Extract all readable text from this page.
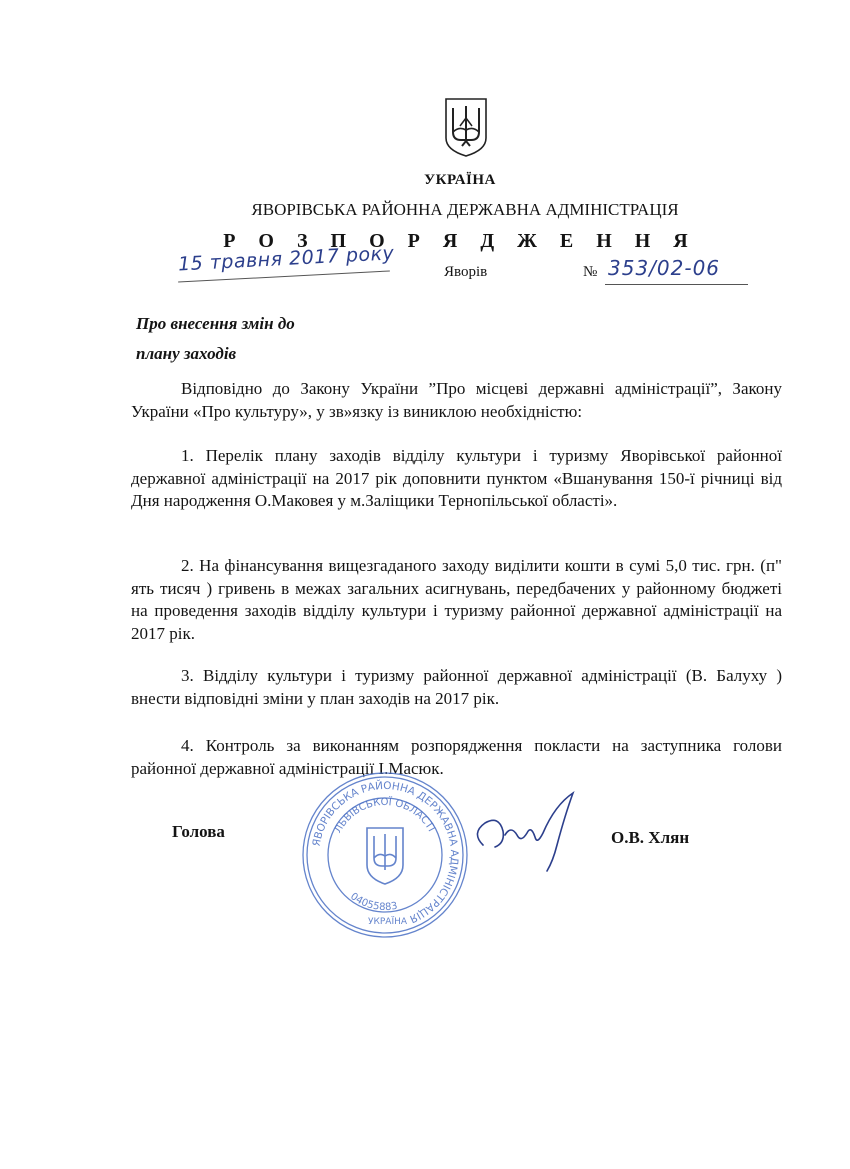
УКРАЇНА
ЯВОРІВСЬКА РАЙОННА ДЕРЖАВНА АДМІНІСТРАЦІЯ
Р О З П О Р Я Д Ж Е Н Н Я
15 травня 2017 року	Яворів	№ 353/02-06
Про внесення змін до
плану заходів

Відповідно до Закону України ”Про місцеві державні адміністрації”, Закону України «Про культуру», у зв»язку із виниклою необхідністю:

1. Перелік плану заходів відділу культури і туризму Яворівської районної державної адміністрації на 2017 рік доповнити пунктом «Вшанування 150-ї річниці від Дня народження О.Маковея у м.Заліщики Тернопільської області».

2. На фінансування вищезгаданого заходу виділити кошти в сумі 5,0 тис. грн. (п" ять тисяч ) гривень в межах загальних асигнувань, передбачених у районному бюджеті на проведення заходів відділу культури і туризму районної державної адміністрації на 2017 рік.

3. Відділу культури і туризму районної державної адміністрації (В. Балуху ) внести відповідні зміни у план заходів на 2017 рік.

4. Контроль за виконанням розпорядження покласти на заступника голови районної державної адміністрації І.Масюк.

Голова	О.В. Хлян
ЯВОРІВСЬКА РАЙОННА ДЕРЖАВНА АДМІНІСТРАЦІЯ
ЛЬВІВСЬКОЇ ОБЛАСТІ
04055883
УКРАЇНА
